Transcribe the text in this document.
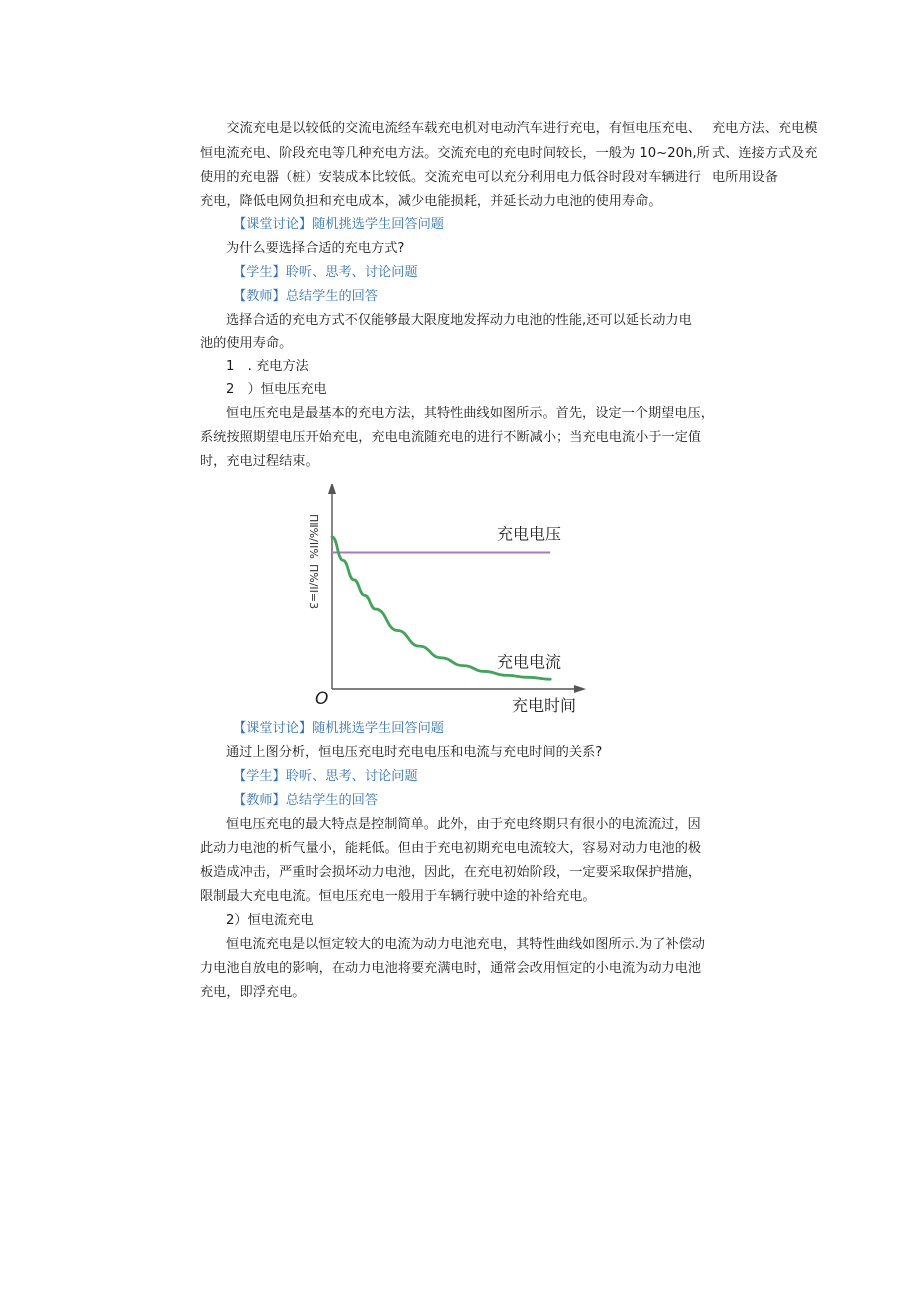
　　交流充电是以较低的交流电流经车载充电机对电动汽车进行充电，有恒电压充电、
恒电流充电、阶段充电等几种充电方法。交流充电的充电时间较长，一般为 10~20h,所
使用的充电器（桩）安装成本比较低。交流充电可以充分利用电力低谷时段对车辆进行
充电，降低电网负担和充电成本，减少电能损耗，并延长动力电池的使用寿命。
充电方法、充电模
式、连接方式及充
电所用设备
【课堂讨论】随机挑选学生回答问题
为什么要选择合适的充电方式?
【学生】聆听、思考、讨论问题
【教师】总结学生的回答
选择合适的充电方式不仅能够最大限度地发挥动力电池的性能,还可以延长动力电
池的使用寿命。
1　. 充电方法
2　）恒电压充电
恒电压充电是最基本的充电方法，其特性曲线如图所示。首先，设定一个期望电压，
系统按照期望电压开始充电，充电电流随充电的进行不断减小；当充电电流小于一定值
时，充电过程结束。
ΠⅡ%/ΙΙ%
Π%/ΙΙ=3
O	充电时间
充电电压
充电电流
【课堂讨论】随机挑选学生回答问题
通过上图分析，恒电压充电时充电电压和电流与充电时间的关系?
【学生】聆听、思考、讨论问题
【教师】总结学生的回答
恒电压充电的最大特点是控制简单。此外，由于充电终期只有很小的电流流过，因
此动力电池的析气量小，能耗低。但由于充电初期充电电流较大，容易对动力电池的极
板造成冲击，严重时会损坏动力电池，因此，在充电初始阶段，一定要采取保护措施，
限制最大充电电流。恒电压充电一般用于车辆行驶中途的补给充电。
2）恒电流充电
恒电流充电是以恒定较大的电流为动力电池充电，其特性曲线如图所示.为了补偿动
力电池自放电的影响，在动力电池将要充满电时，通常会改用恒定的小电流为动力电池
充电，即浮充电。
